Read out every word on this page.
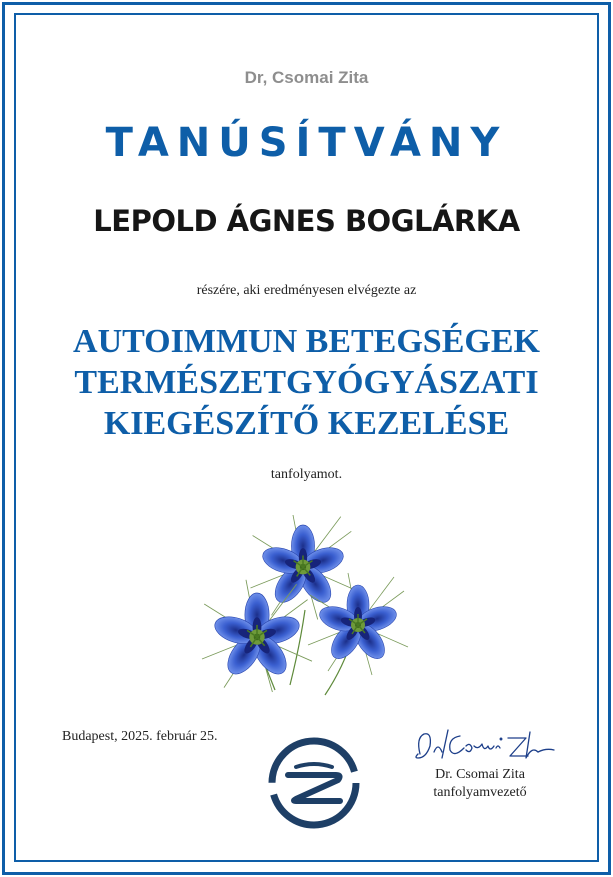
Dr, Csomai Zita
TANÚSÍTVÁNY
LEPOLD ÁGNES BOGLÁRKA
részére, aki eredményesen elvégezte az
AUTOIMMUN BETEGSÉGEK
TERMÉSZETGYÓGYÁSZATI
KIEGÉSZÍTŐ KEZELÉSE
tanfolyamot.
Budapest, 2025. február 25.
Dr. Csomai Zita
tanfolyamvezető
